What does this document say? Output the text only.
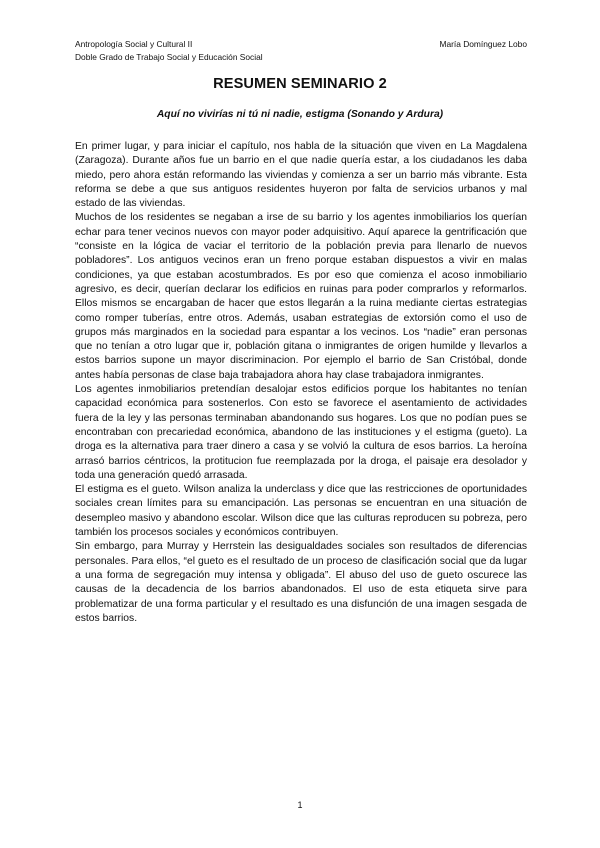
Antropología Social y Cultural II
Doble Grado de Trabajo Social y Educación Social
María Domínguez Lobo
RESUMEN SEMINARIO 2
Aquí no vivirías ni tú ni nadie, estigma (Sonando y Ardura)

En primer lugar, y para iniciar el capítulo, nos habla de la situación que viven en La Magdalena (Zaragoza). Durante años fue un barrio en el que nadie quería estar, a los ciudadanos les daba miedo, pero ahora están reformando las viviendas y comienza a ser un barrio más vibrante. Esta reforma se debe a que sus antiguos residentes huyeron por falta de servicios urbanos y mal estado de las viviendas.

Muchos de los residentes se negaban a irse de su barrio y los agentes inmobiliarios los querían echar para tener vecinos nuevos con mayor poder adquisitivo. Aquí aparece la gentrificación que “consiste en la lógica de vaciar el territorio de la población previa para llenarlo de nuevos pobladores”. Los antiguos vecinos eran un freno porque estaban dispuestos a vivir en malas condiciones, ya que estaban acostumbrados. Es por eso que comienza el acoso inmobiliario agresivo, es decir, querían declarar los edificios en ruinas para poder comprarlos y reformarlos. Ellos mismos se encargaban de hacer que estos llegarán a la ruina mediante ciertas estrategias como romper tuberías, entre otros. Además, usaban estrategias de extorsión como el uso de grupos más marginados en la sociedad para espantar a los vecinos. Los “nadie” eran personas que no tenían a otro lugar que ir, población gitana o inmigrantes de origen humilde y llevarlos a estos barrios supone un mayor discriminacion. Por ejemplo el barrio de San Cristóbal, donde antes había personas de clase baja trabajadora ahora hay clase trabajadora inmigrantes.

Los agentes inmobiliarios pretendían desalojar estos edificios porque los habitantes no tenían capacidad económica para sostenerlos. Con esto se favorece el asentamiento de actividades fuera de la ley y las personas terminaban abandonando sus hogares. Los que no podían pues se encontraban con precariedad económica, abandono de las instituciones y el estigma (gueto). La droga es la alternativa para traer dinero a casa y se volvió la cultura de esos barrios. La heroína arrasó barrios céntricos, la protitucion fue reemplazada por la droga, el paisaje era desolador y toda una generación quedó arrasada.

El estigma es el gueto. Wilson analiza la underclass y dice que las restricciones de oportunidades sociales crean límites para su emancipación. Las personas se encuentran en una situación de desempleo masivo y abandono escolar. Wilson dice que las culturas reproducen su pobreza, pero también los procesos sociales y económicos contribuyen.

Sin embargo, para Murray y Herrstein las desigualdades sociales son resultados de diferencias personales. Para ellos, “el gueto es el resultado de un proceso de clasificación social que da lugar a una forma de segregación muy intensa y obligada”. El abuso del uso de gueto oscurece las causas de la decadencia de los barrios abandonados. El uso de esta etiqueta sirve para problematizar de una forma particular y el resultado es una disfunción de una imagen sesgada de estos barrios.

1
